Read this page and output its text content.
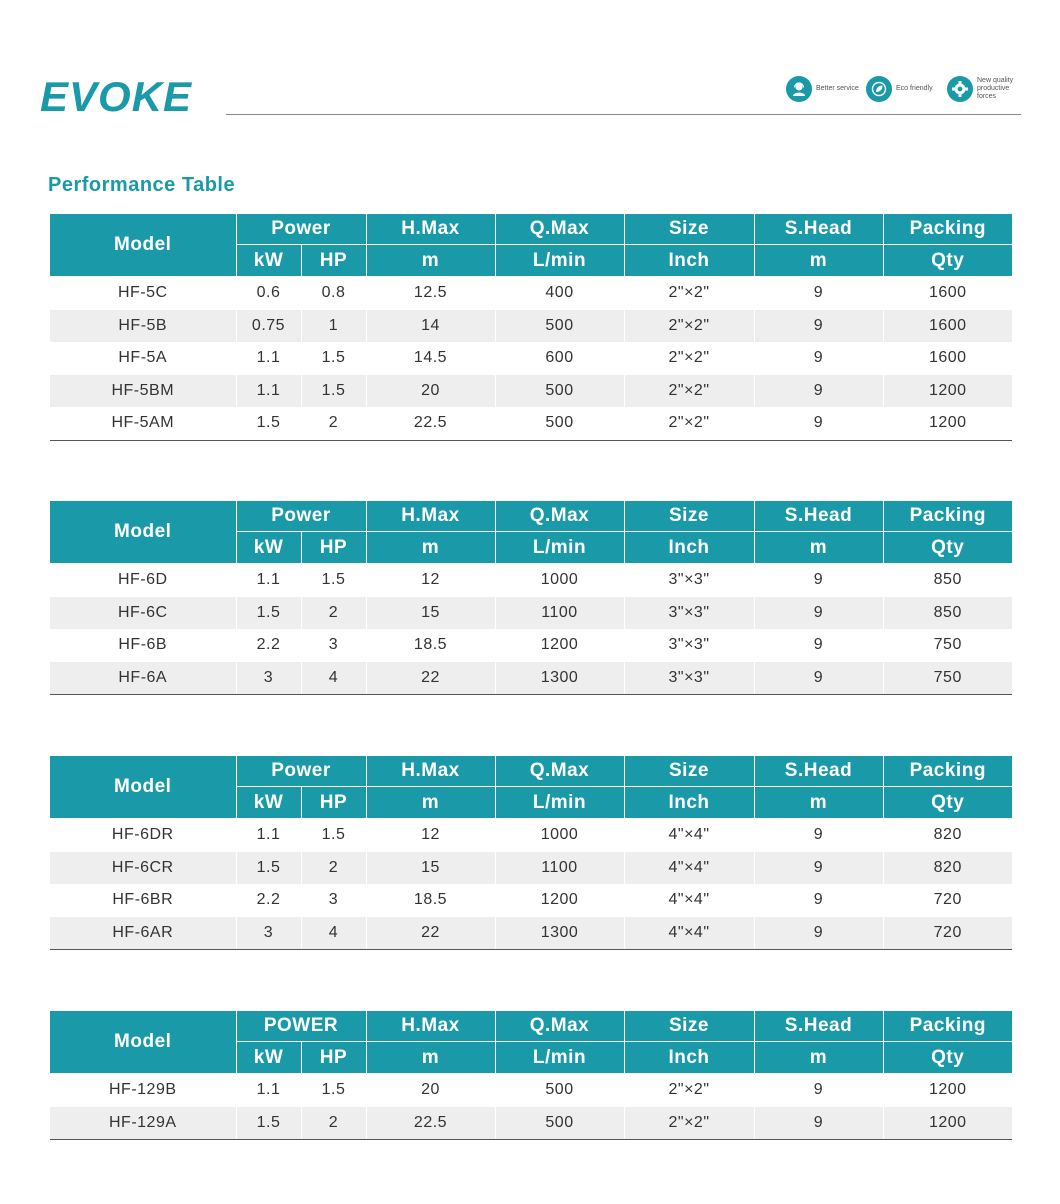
EVOKE	Better service	Eco friendly
New quality productive forces
Performance Table
Model	Power		H.Max	Q.Max	Size	S.Head	Packing
	kW	HP	m	L/min	Inch	m	Qty
HF-5C	0.6	0.8	12.5	400	2"×2"	9	1600
HF-5B	0.75	1	14	500	2"×2"	9	1600
HF-5A	1.1	1.5	14.5	600	2"×2"	9	1600
HF-5BM	1.1	1.5	20	500	2"×2"	9	1200
HF-5AM	1.5	2	22.5	500	2"×2"	9	1200
Model	Power		H.Max	Q.Max	Size	S.Head	Packing
	kW	HP	m	L/min	Inch	m	Qty
HF-6D	1.1	1.5	12	1000	3"×3"	9	850
HF-6C	1.5	2	15	1100	3"×3"	9	850
HF-6B	2.2	3	18.5	1200	3"×3"	9	750
HF-6A	3	4	22	1300	3"×3"	9	750
Model	Power		H.Max	Q.Max	Size	S.Head	Packing
	kW	HP	m	L/min	Inch	m	Qty
HF-6DR	1.1	1.5	12	1000	4"×4"	9	820
HF-6CR	1.5	2	15	1100	4"×4"	9	820
HF-6BR	2.2	3	18.5	1200	4"×4"	9	720
HF-6AR	3	4	22	1300	4"×4"	9	720
Model	POWER		H.Max	Q.Max	Size	S.Head	Packing
	kW	HP	m	L/min	Inch	m	Qty
HF-129B	1.1	1.5	20	500	2"×2"	9	1200
HF-129A	1.5	2	22.5	500	2"×2"	9	1200
